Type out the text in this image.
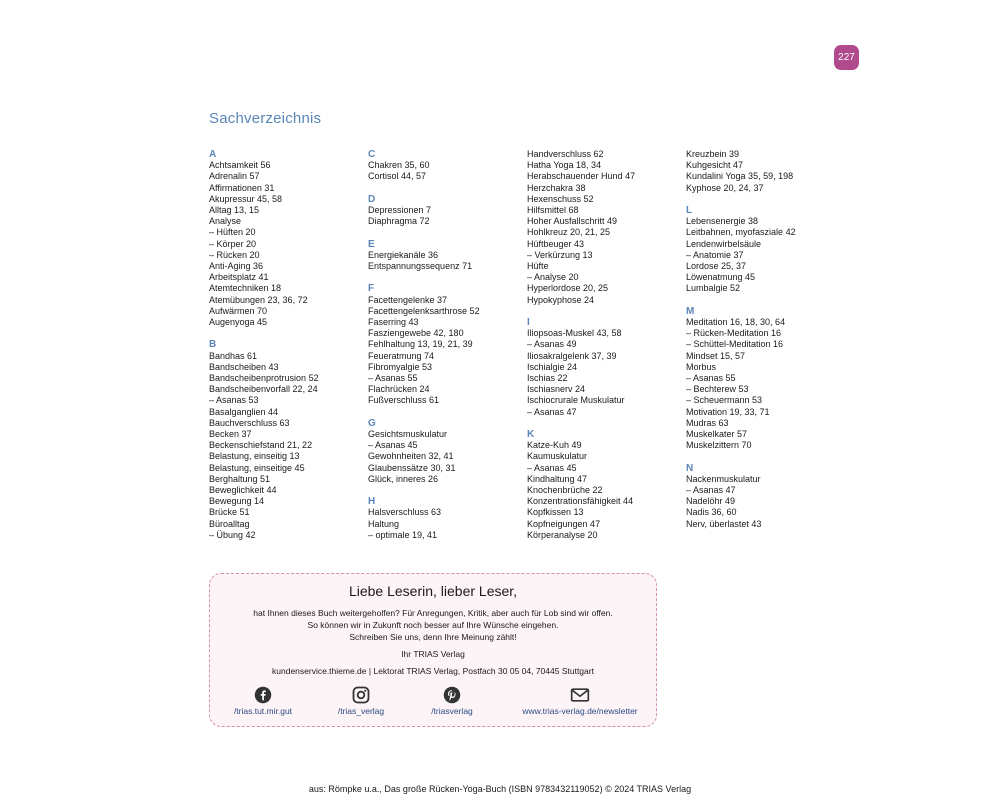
227
Sachverzeichnis
A
Achtsamkeit 56
Adrenalin 57
Affirmationen 31
Akupressur 45, 58
Alltag 13, 15
Analyse
– Hüften 20
– Körper 20
– Rücken 20
Anti-Aging 36
Arbeitsplatz 41
Atemtechniken 18
Atemübungen 23, 36, 72
Aufwärmen 70
Augenyoga 45
B
Bandhas 61
Bandscheiben 43
Bandscheibenprotrusion 52
Bandscheibenvorfall 22, 24
– Asanas 53
Basalganglien 44
Bauchverschluss 63
Becken 37
Beckenschiefstand 21, 22
Belastung, einseitig 13
Belastung, einseitige 45
Berghaltung 51
Beweglichkeit 44
Bewegung 14
Brücke 51
Büroalltag
– Übung 42
C
Chakren 35, 60
Cortisol 44, 57
D
Depressionen 7
Diaphragma 72
E
Energiekanäle 36
Entspannungssequenz 71
F
Facettengelenke 37
Facettengelenksarthrose 52
Faserring 43
Fasziengewebe 42, 180
Fehlhaltung 13, 19, 21, 39
Feueratmung 74
Fibromyalgie 53
– Asanas 55
Flachrücken 24
Fußverschluss 61
G
Gesichtsmuskulatur
– Asanas 45
Gewohnheiten 32, 41
Glaubenssätze 30, 31
Glück, inneres 26
H
Halsverschluss 63
Haltung
– optimale 19, 41
Handverschluss 62
Hatha Yoga 18, 34
Herabschauender Hund 47
Herzchakra 38
Hexenschuss 52
Hilfsmittel 68
Hoher Ausfallschritt 49
Hohlkreuz 20, 21, 25
Hüftbeuger 43
– Verkürzung 13
Hüfte
– Analyse 20
Hyperlordose 20, 25
Hypokyphose 24
I
Iliopsoas-Muskel 43, 58
– Asanas 49
Iliosakralgelenk 37, 39
Ischialgie 24
Ischias 22
Ischiasnerv 24
Ischiocrurale Muskulatur
– Asanas 47
K
Katze-Kuh 49
Kaumuskulatur
– Asanas 45
Kindhaltung 47
Knochenbrüche 22
Konzentrationsfähigkeit 44
Kopfkissen 13
Kopfneigungen 47
Körperanalyse 20
Kreuzbein 39
Kuhgesicht 47
Kundalini Yoga 35, 59, 198
Kyphose 20, 24, 37
L
Lebensenergie 38
Leitbahnen, myofasziale 42
Lendenwirbelsäule
– Anatomie 37
Lordose 25, 37
Löwenatmung 45
Lumbalgie 52
M
Meditation 16, 18, 30, 64
– Rücken-Meditation 16
– Schüttel-Meditation 16
Mindset 15, 57
Morbus
– Asanas 55
– Bechterew 53
– Scheuermann 53
Motivation 19, 33, 71
Mudras 63
Muskelkater 57
Muskelzittern 70
N
Nackenmuskulatur
– Asanas 47
Nadelöhr 49
Nadis 36, 60
Nerv, überlastet 43
Liebe Leserin, lieber Leser,
hat Ihnen dieses Buch weitergeholfen? Für Anregungen, Kritik, aber auch für Lob sind wir offen.
So können wir in Zukunft noch besser auf Ihre Wünsche eingehen.
Schreiben Sie uns, denn Ihre Meinung zählt!
Ihr TRIAS Verlag
kundenservice.thieme.de | Lektorat TRIAS Verlag, Postfach 30 05 04, 70445 Stuttgart
/trias.tut.mir.gut	/trias_verlag	/triasverlag	www.trias-verlag.de/newsletter
aus: Römpke u.a., Das große Rücken-Yoga-Buch (ISBN 9783432119052) © 2024 TRIAS Verlag
